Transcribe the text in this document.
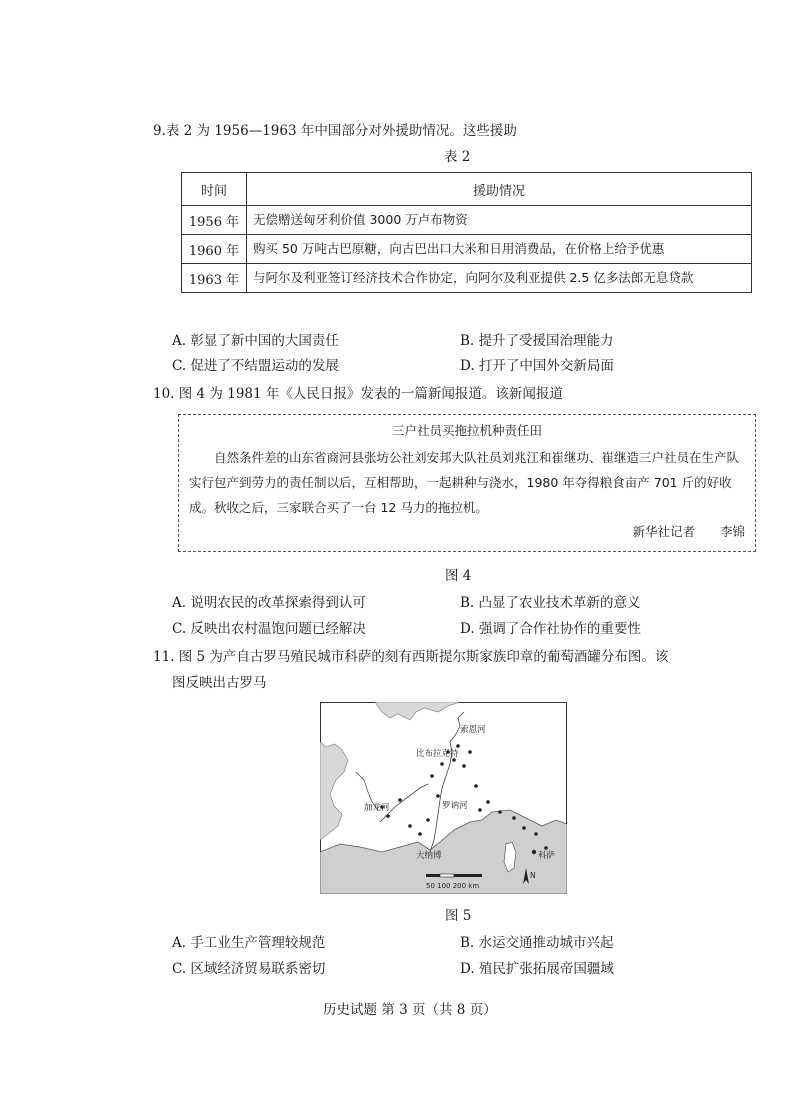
9.表 2 为 1956—1963 年中国部分对外援助情况。这些援助
表 2
时间	援助情况
1956 年	无偿赠送匈牙利价值 3000 万卢布物资
1960 年	购买 50 万吨古巴原糖，向古巴出口大米和日用消费品，在价格上给予优惠
1963 年	与阿尔及利亚签订经济技术合作协定，向阿尔及利亚提供 2.5 亿多法郎无息贷款
A. 彰显了新中国的大国责任	B. 提升了受援国治理能力
C. 促进了不结盟运动的发展	D. 打开了中国外交新局面
10. 图 4 为 1981 年《人民日报》发表的一篇新闻报道。该新闻报道
三户社员买拖拉机种责任田
自然条件差的山东省商河县张坊公社刘安邦大队社员刘兆江和崔继功、崔继造三户社员在生产队实行包产到劳力的责任制以后，互相帮助，一起耕种与浇水，1980 年夺得粮食亩产 701 斤的好收成。秋收之后，三家联合买了一台 12 马力的拖拉机。
新华社记者　　李锦
图 4
A. 说明农民的改革探索得到认可	B. 凸显了农业技术革新的意义
C. 反映出农村温饱问题已经解决	D. 强调了合作社协作的重要性
11. 图 5 为产自古罗马殖民城市科萨的刻有西斯提尔斯家族印章的葡萄酒罐分布图。该
图反映出古罗马
比布拉克特
索恩河
加龙河	罗讷河
大纳博	科萨
50 100 200 km
N
图 5
A. 手工业生产管理较规范	B. 水运交通推动城市兴起
C. 区域经济贸易联系密切	D. 殖民扩张拓展帝国疆域
历史试题 第 3 页（共 8 页）
